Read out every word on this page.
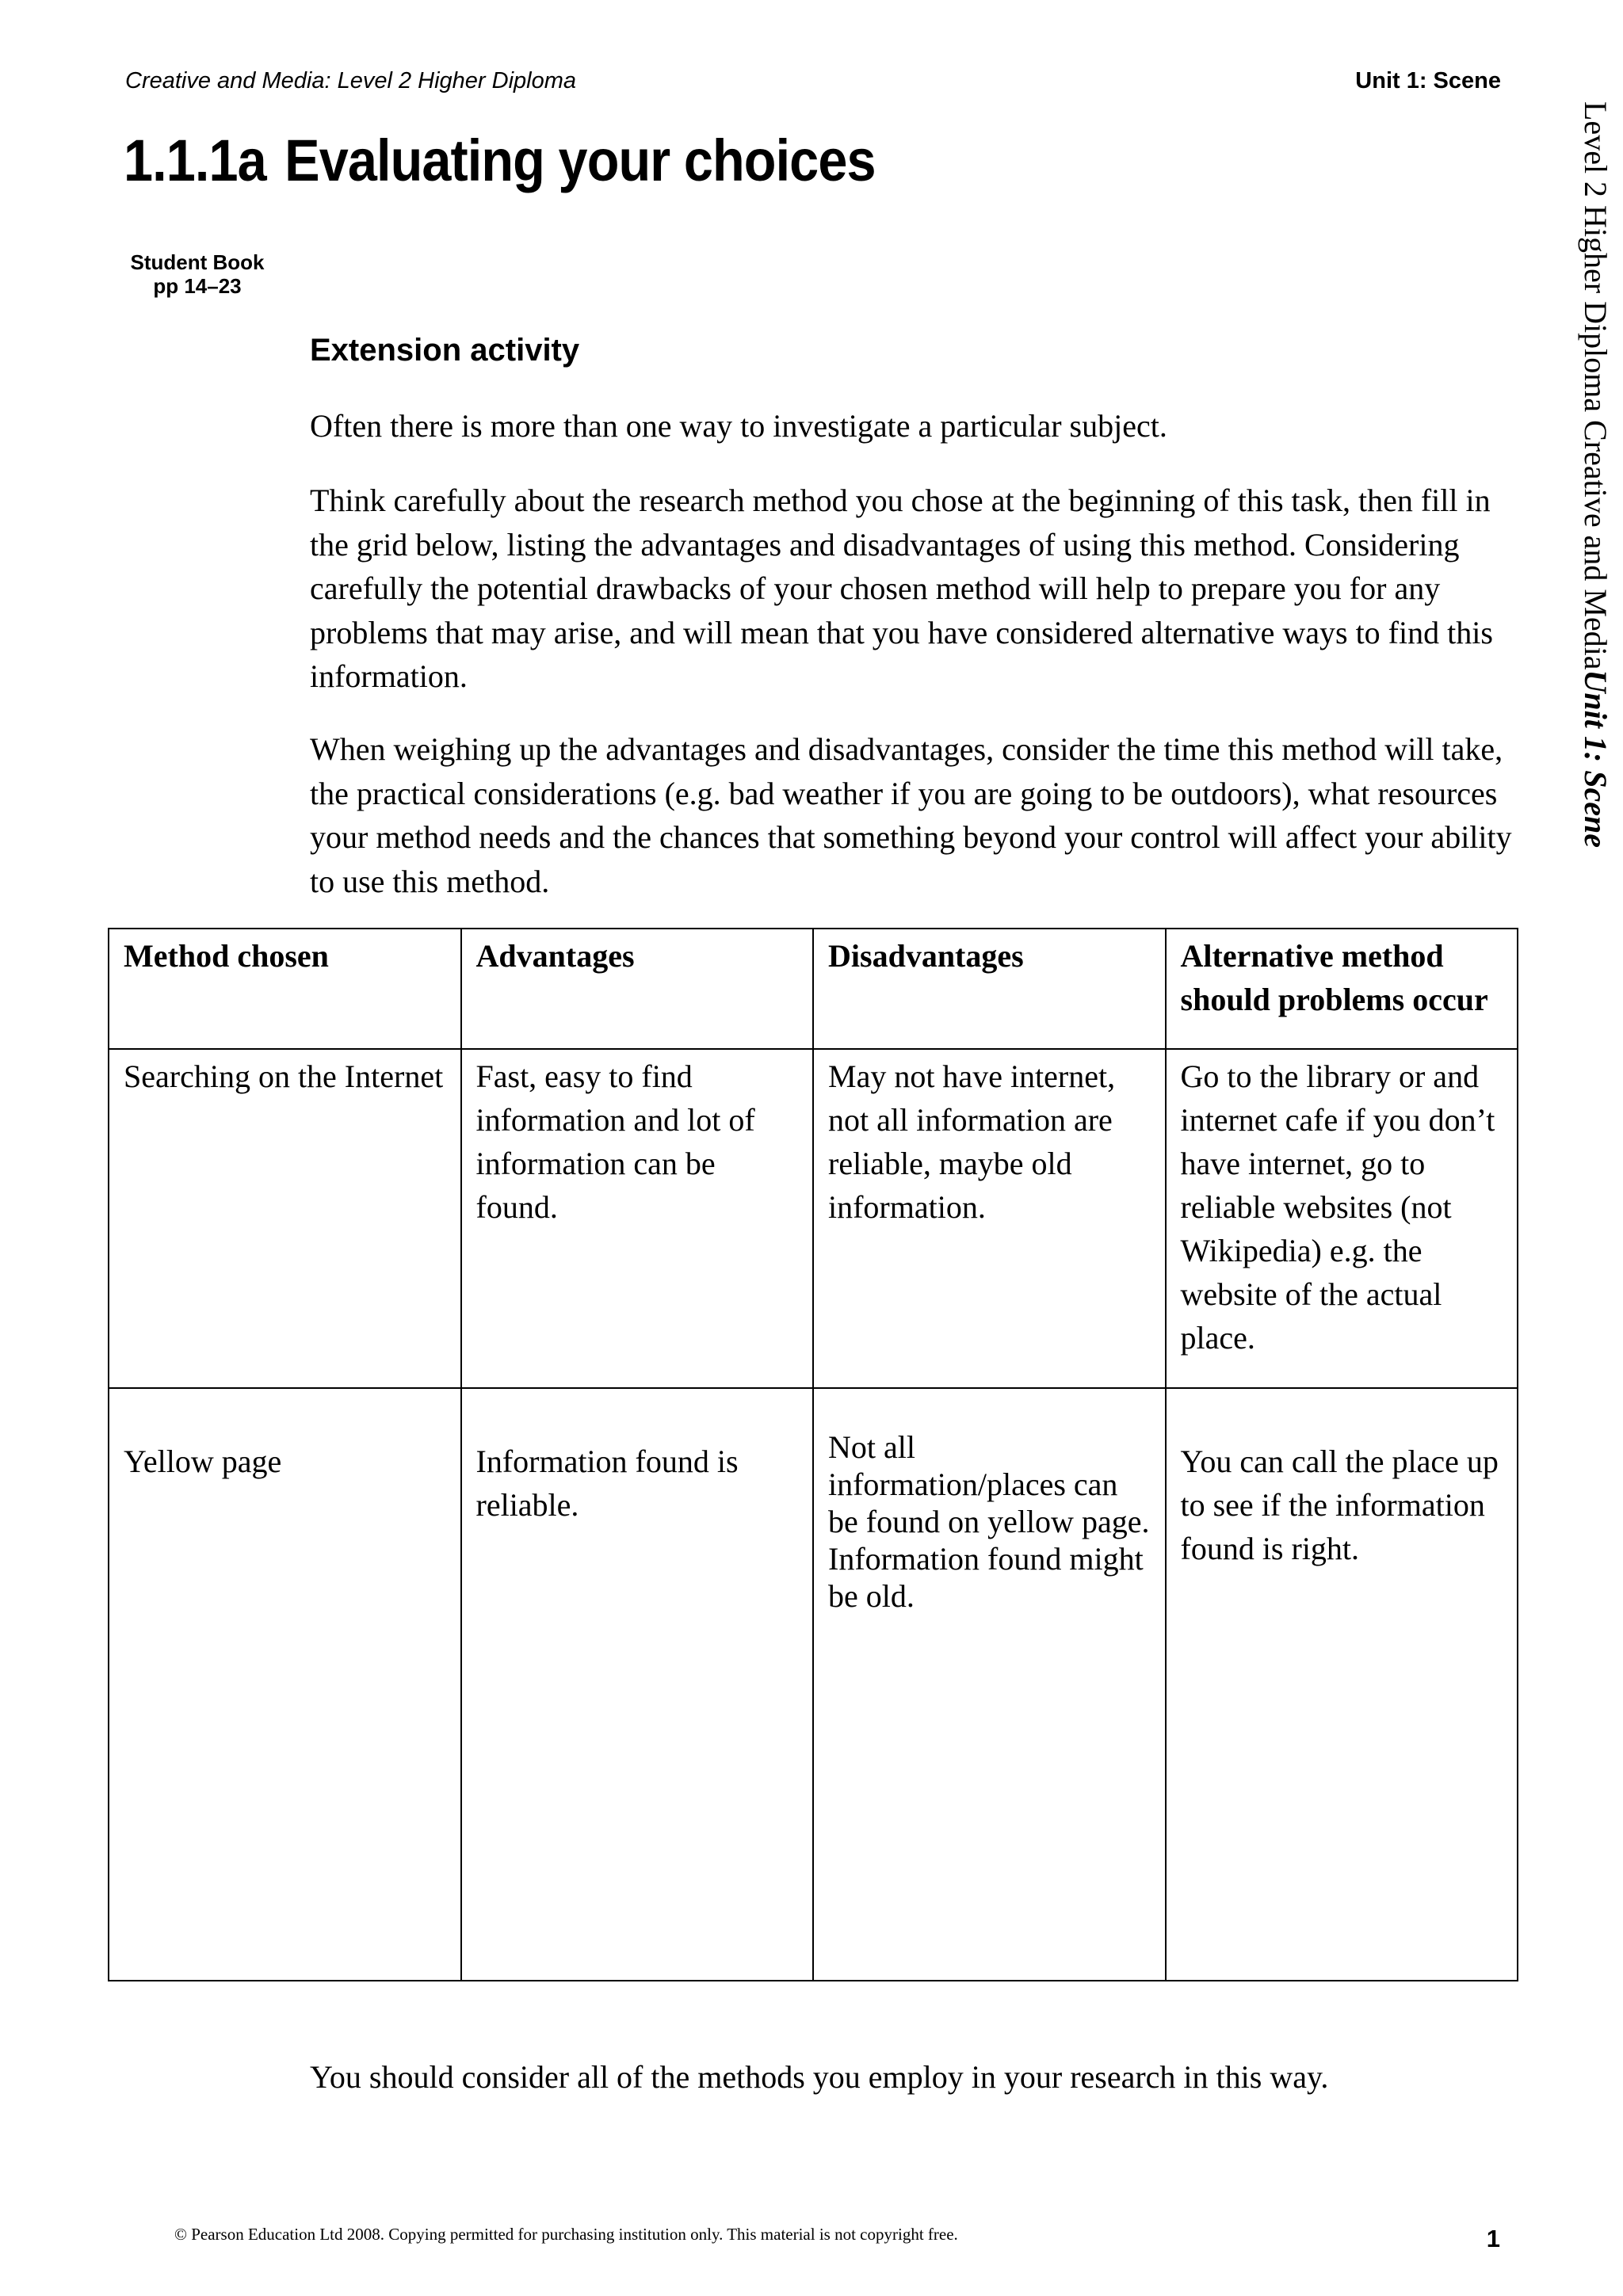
Creative and Media: Level 2 Higher Diploma	Unit 1: Scene
1.1.1a Evaluating your choices
Student Book
pp 14–23	Level 2 Higher Diploma Creative and MediaUnit 1: Scene
Extension activity
Often there is more than one way to investigate a particular subject.
Think carefully about the research method you chose at the beginning of this task, then fill in the grid below, listing the advantages and disadvantages of using this method. Considering carefully the potential drawbacks of your chosen method will help to prepare you for any problems that may arise, and will mean that you have considered alternative ways to find this information.
When weighing up the advantages and disadvantages, consider the time this method will take, the practical considerations (e.g. bad weather if you are going to be outdoors), what resources your method needs and the chances that something beyond your control will affect your ability to use this method.
Method chosen	Advantages	Disadvantages	Alternative method should problems occur
Searching on the Internet	Fast, easy to find information and lot of information can be found.	May not have internet, not all information are reliable, maybe old information.	Go to the library or and internet cafe if you don’t have internet, go to reliable websites (not Wikipedia) e.g. the website of the actual place.

Yellow page	Information found is reliable.	Not all information/places can be found on yellow page. Information found might be old.	You can call the place up to see if the information found is right.
You should consider all of the methods you employ in your research in this way.
© Pearson Education Ltd 2008. Copying permitted for purchasing institution only. This material is not copyright free.	1
